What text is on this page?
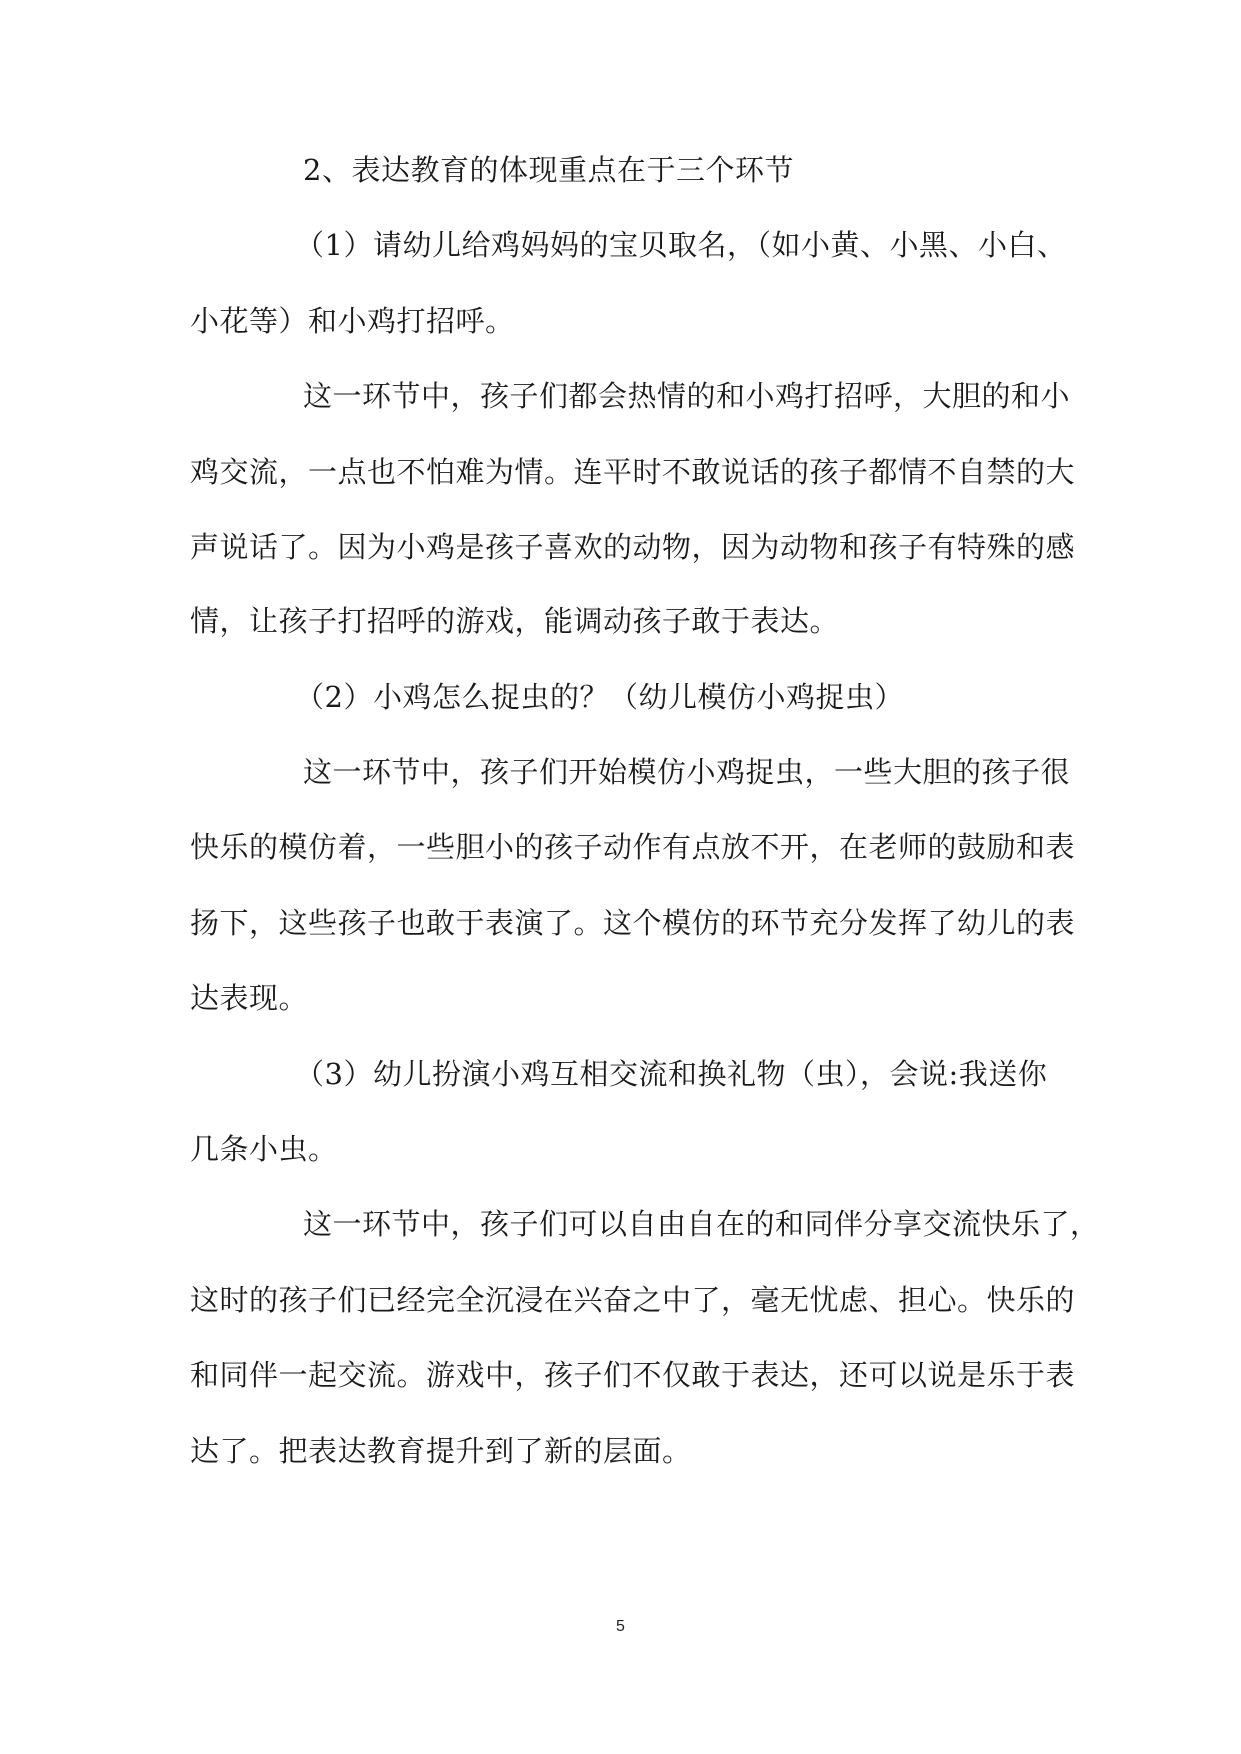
2、表达教育的体现重点在于三个环节
（1）请幼儿给鸡妈妈的宝贝取名，（如小黄、小黑、小白、
小花等）和小鸡打招呼。
这一环节中，孩子们都会热情的和小鸡打招呼，大胆的和小
鸡交流，一点也不怕难为情。连平时不敢说话的孩子都情不自禁的大
声说话了。因为小鸡是孩子喜欢的动物，因为动物和孩子有特殊的感
情，让孩子打招呼的游戏，能调动孩子敢于表达。
（2）小鸡怎么捉虫的？（幼儿模仿小鸡捉虫）
这一环节中，孩子们开始模仿小鸡捉虫，一些大胆的孩子很
快乐的模仿着，一些胆小的孩子动作有点放不开，在老师的鼓励和表
扬下，这些孩子也敢于表演了。这个模仿的环节充分发挥了幼儿的表
达表现。
（3）幼儿扮演小鸡互相交流和换礼物（虫），会说:我送你
几条小虫。
这一环节中，孩子们可以自由自在的和同伴分享交流快乐了，
这时的孩子们已经完全沉浸在兴奋之中了，毫无忧虑、担心。快乐的
和同伴一起交流。游戏中，孩子们不仅敢于表达，还可以说是乐于表
达了。把表达教育提升到了新的层面。
5
